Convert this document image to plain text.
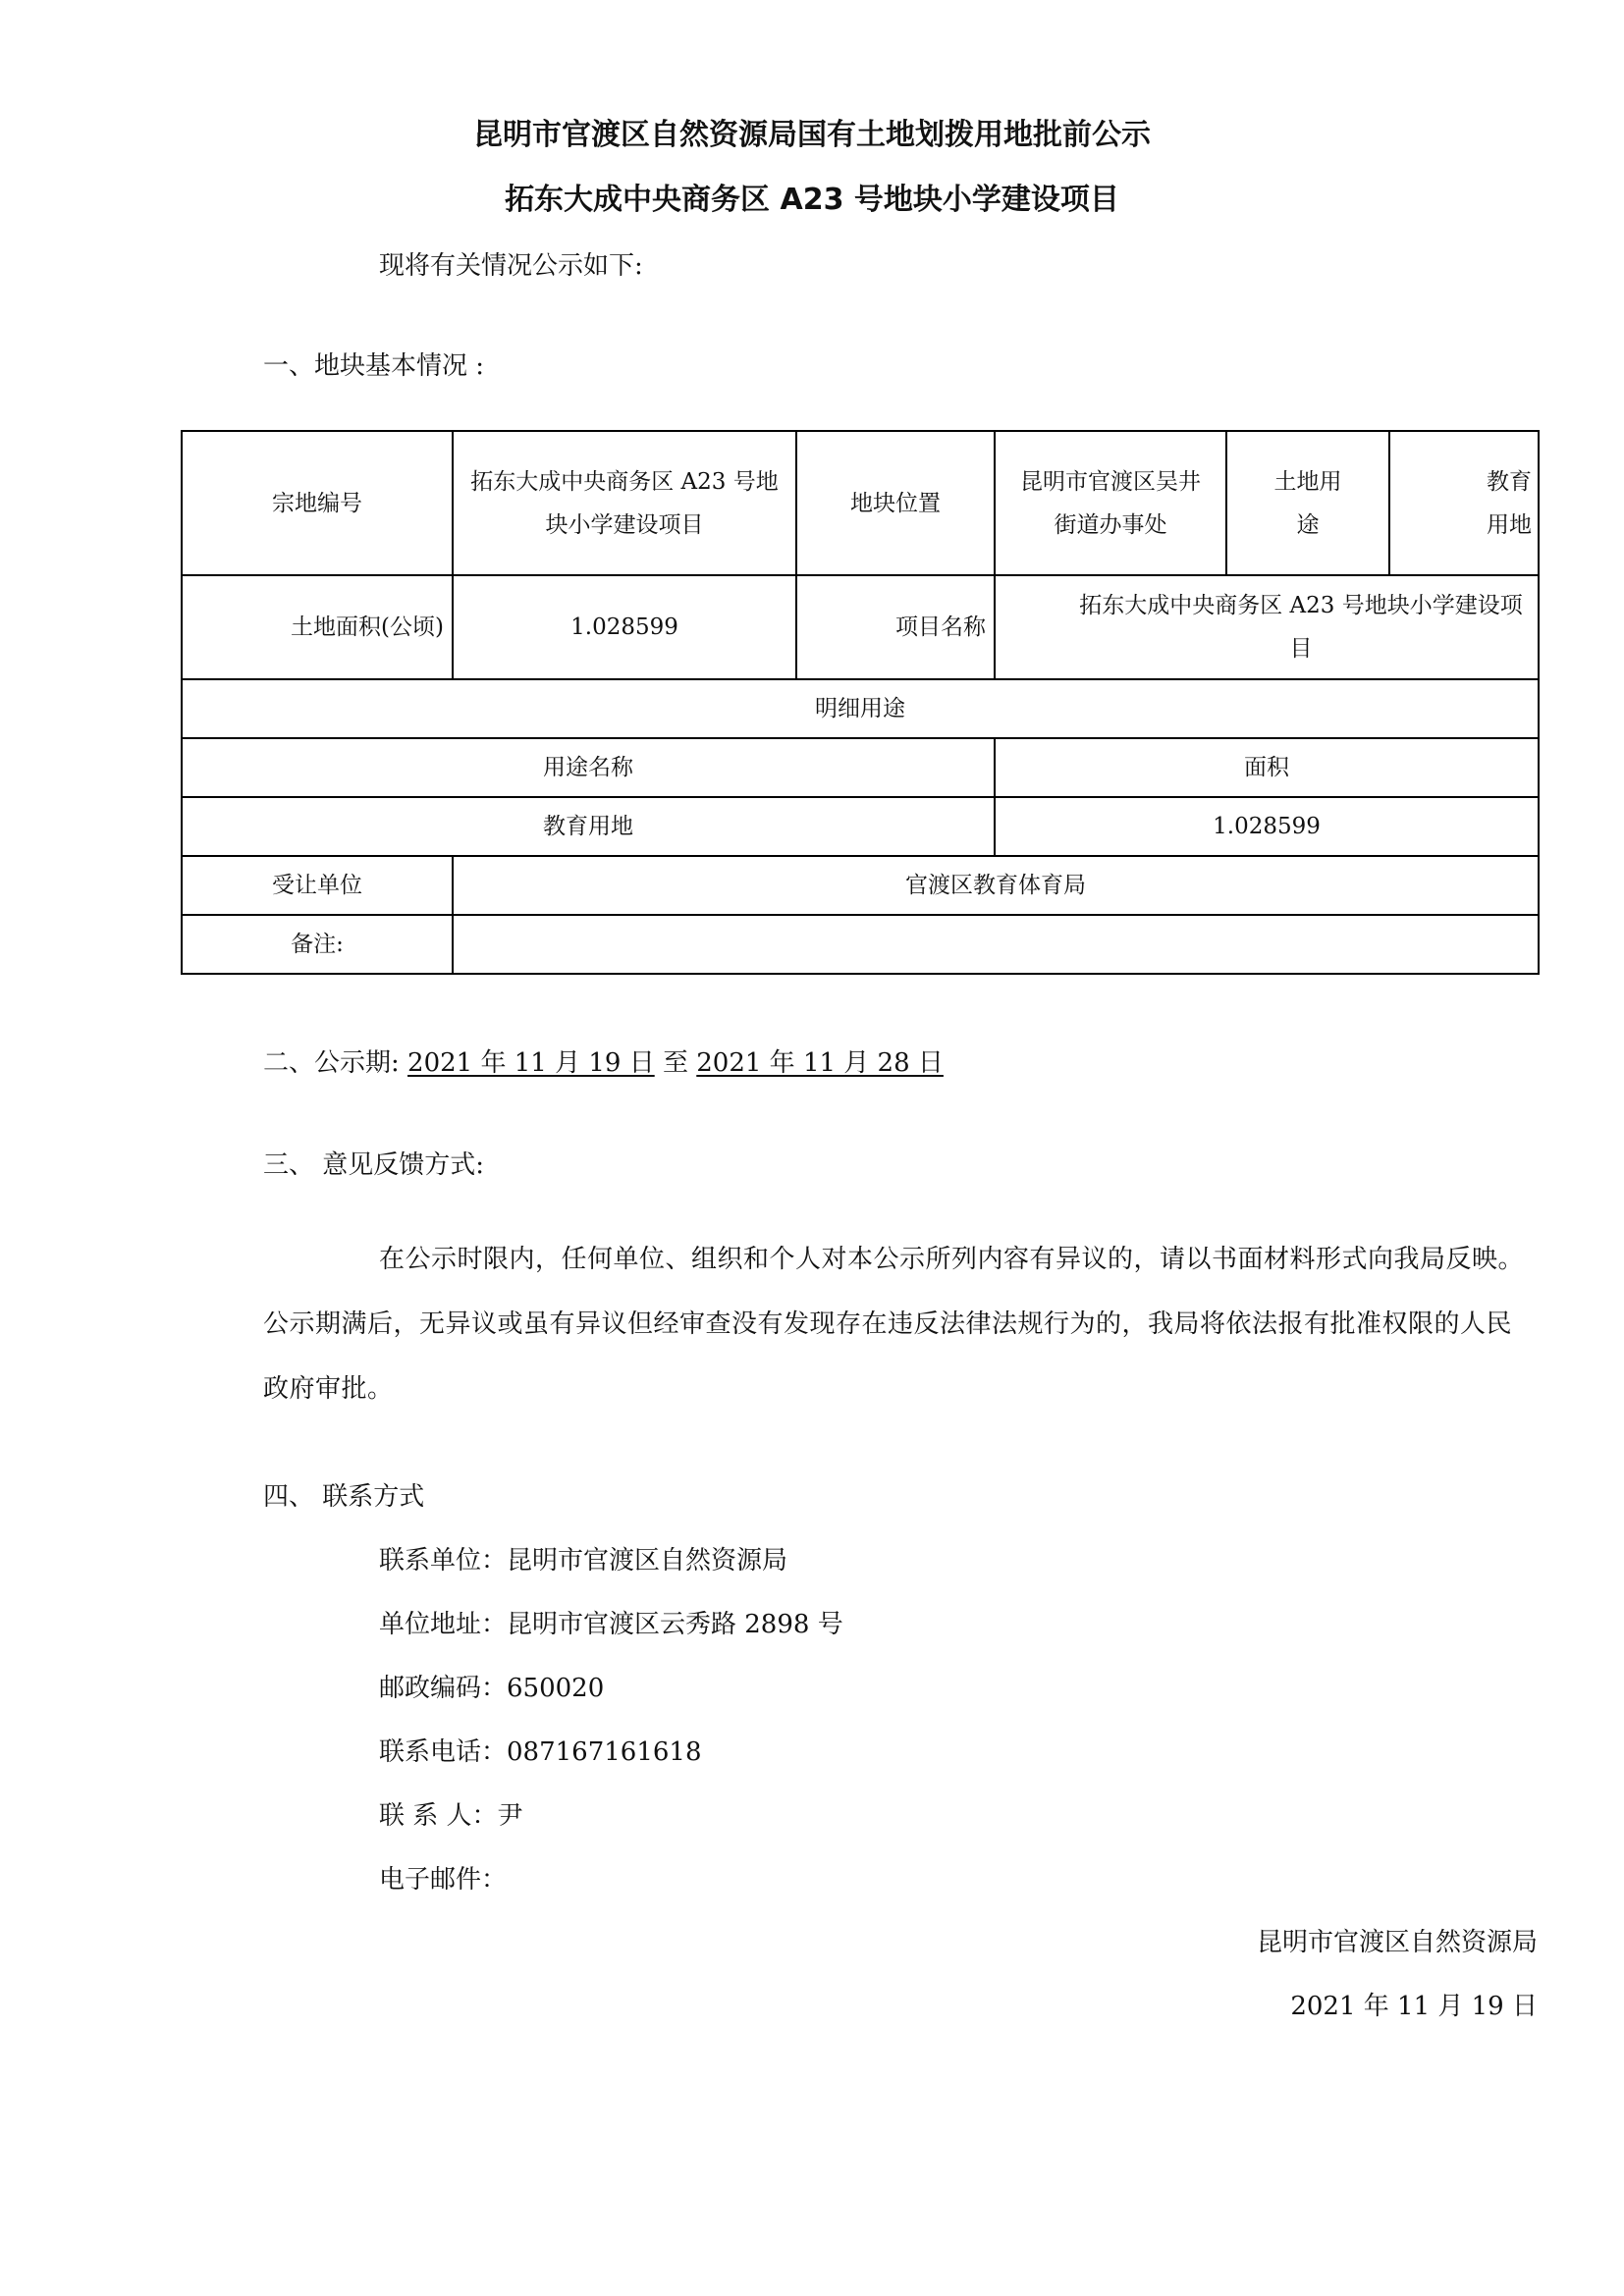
昆明市官渡区自然资源局国有土地划拨用地批前公示
拓东大成中央商务区 A23 号地块小学建设项目
现将有关情况公示如下:
一、地块基本情况 :
宗地编号	拓东大成中央商务区 A23 号地块小学建设项目	地块位置	昆明市官渡区吴井街道办事处	土地用途	教育用地
土地面积(公顷)	1.028599	项目名称	拓东大成中央商务区 A23 号地块小学建设项目		
明细用途					
用途名称			面积		
教育用地			1.028599		
受让单位	官渡区教育体育局				
备注:					
二、公示期: 2021 年 11 月 19 日 至 2021 年 11 月 28 日
三、 意见反馈方式:
在公示时限内，任何单位、组织和个人对本公示所列内容有异议的，请以书面材料形式向我局反映。公示期满后，无异议或虽有异议但经审查没有发现存在违反法律法规行为的，我局将依法报有批准权限的人民政府审批。
四、 联系方式
联系单位：昆明市官渡区自然资源局
单位地址：昆明市官渡区云秀路 2898 号
邮政编码：650020
联系电话：087167161618
联 系 人：尹
电子邮件：
昆明市官渡区自然资源局
2021 年 11 月 19 日
